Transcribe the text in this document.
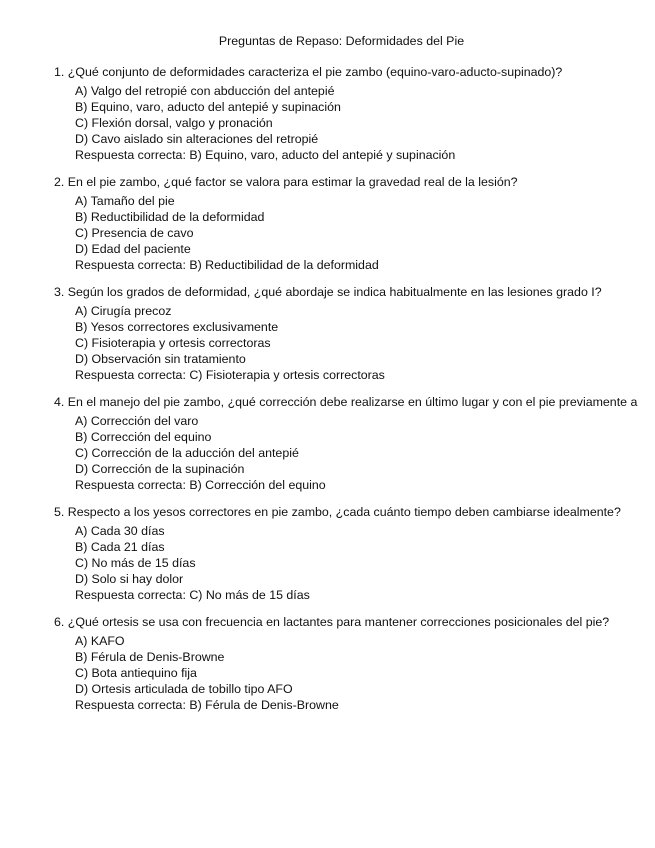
Preguntas de Repaso: Deformidades del Pie
1. ¿Qué conjunto de deformidades caracteriza el pie zambo (equino-varo-aducto-supinado)?
A) Valgo del retropié con abducción del antepié
B) Equino, varo, aducto del antepié y supinación
C) Flexión dorsal, valgo y pronación
D) Cavo aislado sin alteraciones del retropié
Respuesta correcta: B) Equino, varo, aducto del antepié y supinación
2. En el pie zambo, ¿qué factor se valora para estimar la gravedad real de la lesión?
A) Tamaño del pie
B) Reductibilidad de la deformidad
C) Presencia de cavo
D) Edad del paciente
Respuesta correcta: B) Reductibilidad de la deformidad
3. Según los grados de deformidad, ¿qué abordaje se indica habitualmente en las lesiones grado I?
A) Cirugía precoz
B) Yesos correctores exclusivamente
C) Fisioterapia y ortesis correctoras
D) Observación sin tratamiento
Respuesta correcta: C) Fisioterapia y ortesis correctoras
4. En el manejo del pie zambo, ¿qué corrección debe realizarse en último lugar y con el pie previamente a
A) Corrección del varo
B) Corrección del equino
C) Corrección de la aducción del antepié
D) Corrección de la supinación
Respuesta correcta: B) Corrección del equino
5. Respecto a los yesos correctores en pie zambo, ¿cada cuánto tiempo deben cambiarse idealmente?
A) Cada 30 días
B) Cada 21 días
C) No más de 15 días
D) Solo si hay dolor
Respuesta correcta: C) No más de 15 días
6. ¿Qué ortesis se usa con frecuencia en lactantes para mantener correcciones posicionales del pie?
A) KAFO
B) Férula de Denis-Browne
C) Bota antiequino fija
D) Ortesis articulada de tobillo tipo AFO
Respuesta correcta: B) Férula de Denis-Browne
